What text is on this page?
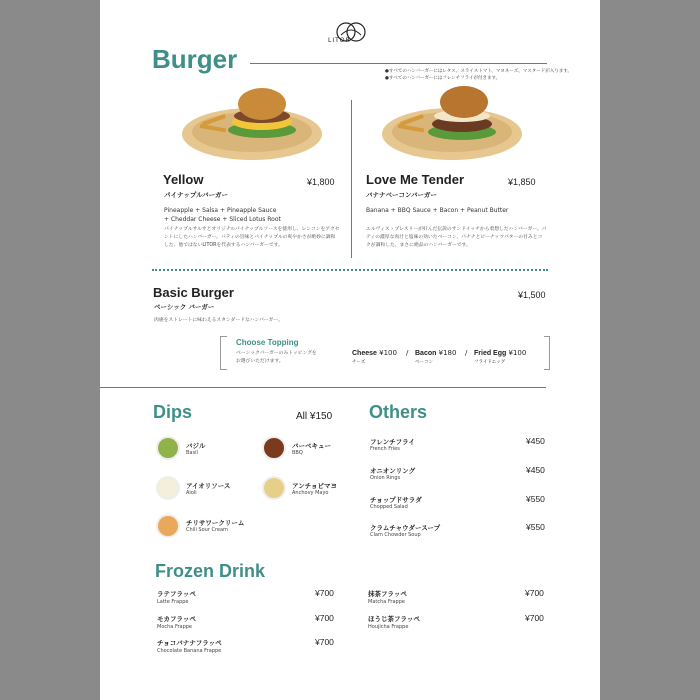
LITOR
Burger	●すべてのハンバーガーにはレタス、スライストマト、マヨネーズ、マスタードが入ります。
●すべてのハンバーガーにはフレンチフライが付きます。
Yellow	¥1,800
パイナップルバーガー
Pineapple + Salsa + Pineapple Sauce
+ Cheddar Cheese + Sliced Lotus Root
パイナップルサルサとオリジナルパイナップルソースを使用し、レンコンをアクセ
ントにしたハンバーガー。パティの旨味とパイナップルの爽やかさが絶妙に調和
した、他ではないLITORを代表するハンバーガーです。
Love Me Tender	¥1,850
バナナベーコンバーガー
Banana + BBQ Sauce + Bacon + Peanut Butter
エルヴィス・プレスリーが好んだ伝説のサンドイッチから着想したハンバーガー。パ
ティの濃厚な肉汁と塩味の効いたベーコン、バナナとピーナッツバターの甘みとコ
クが調和した、まさに絶品のハンバーガーです。
Basic Burger	¥1,500
ベーシック バーガー
肉感をストレートに味わえるスタンダードなハンバーガー。
Choose Topping
ベーシックバーガーのみトッピングを
お選びいただけます。
Cheese ¥100
チーズ
/ Bacon ¥180
ベーコン
/ Fried Egg ¥100
フライドエッグ
Dips	All ¥150
バジル
Basil
バーベキュー
BBQ
アイオリソース
Aioli
アンチョビマヨ
Anchovy Mayo
チリサワークリーム
Chili Sour Cream
Others
フレンチフライ
French Fries
¥450
オニオンリング
Onion Rings
¥450
チョップドサラダ
Chopped Salad
¥550
クラムチャウダースープ
Clam Chowder Soup
¥550
Frozen Drink
ラテフラッペ
Latte Frappe
¥700
モカフラッペ
Mocha Frappe
¥700
チョコバナナフラッペ
Chocolate Banana Frappe
¥700
抹茶フラッペ
Matcha Frappe
¥700
ほうじ茶フラッペ
Houjicha Frappe
¥700
